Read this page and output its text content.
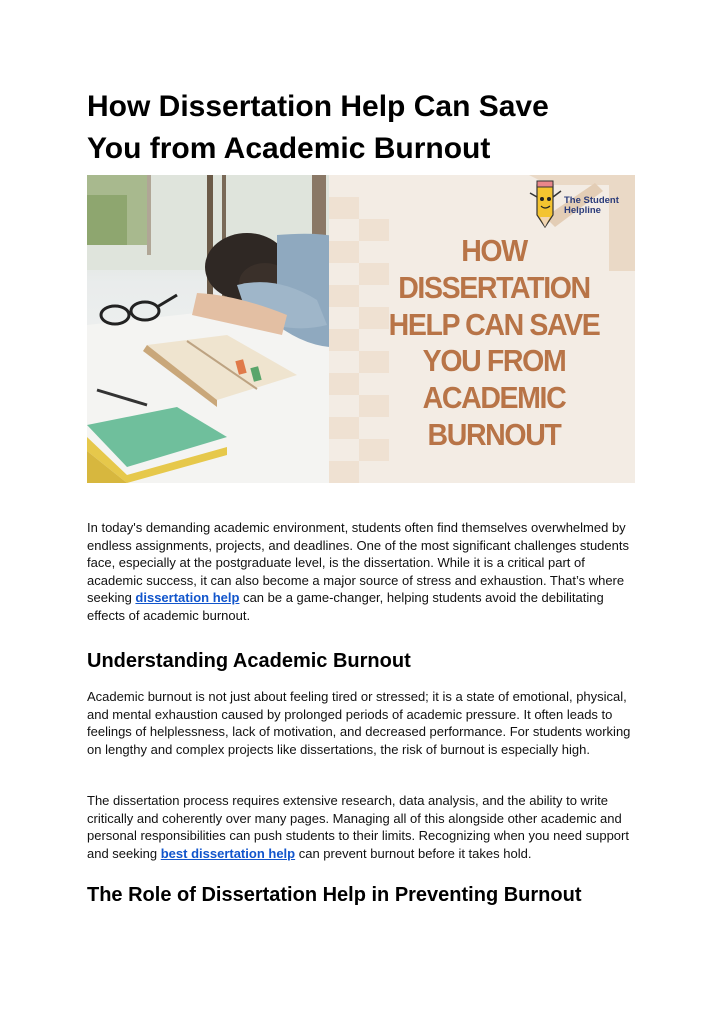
How Dissertation Help Can Save
You from Academic Burnout
The Student
Helpline
HOW
DISSERTATION
HELP CAN SAVE
YOU FROM
ACADEMIC
BURNOUT

In today's demanding academic environment, students often find themselves overwhelmed by endless assignments, projects, and deadlines. One of the most significant challenges students face, especially at the postgraduate level, is the dissertation. While it is a critical part of academic success, it can also become a major source of stress and exhaustion. That’s where seeking dissertation help can be a game-changer, helping students avoid the debilitating effects of academic burnout.

Understanding Academic Burnout

Academic burnout is not just about feeling tired or stressed; it is a state of emotional, physical, and mental exhaustion caused by prolonged periods of academic pressure. It often leads to feelings of helplessness, lack of motivation, and decreased performance. For students working on lengthy and complex projects like dissertations, the risk of burnout is especially high.

The dissertation process requires extensive research, data analysis, and the ability to write critically and coherently over many pages. Managing all of this alongside other academic and personal responsibilities can push students to their limits. Recognizing when you need support and seeking best dissertation help can prevent burnout before it takes hold.

The Role of Dissertation Help in Preventing Burnout
